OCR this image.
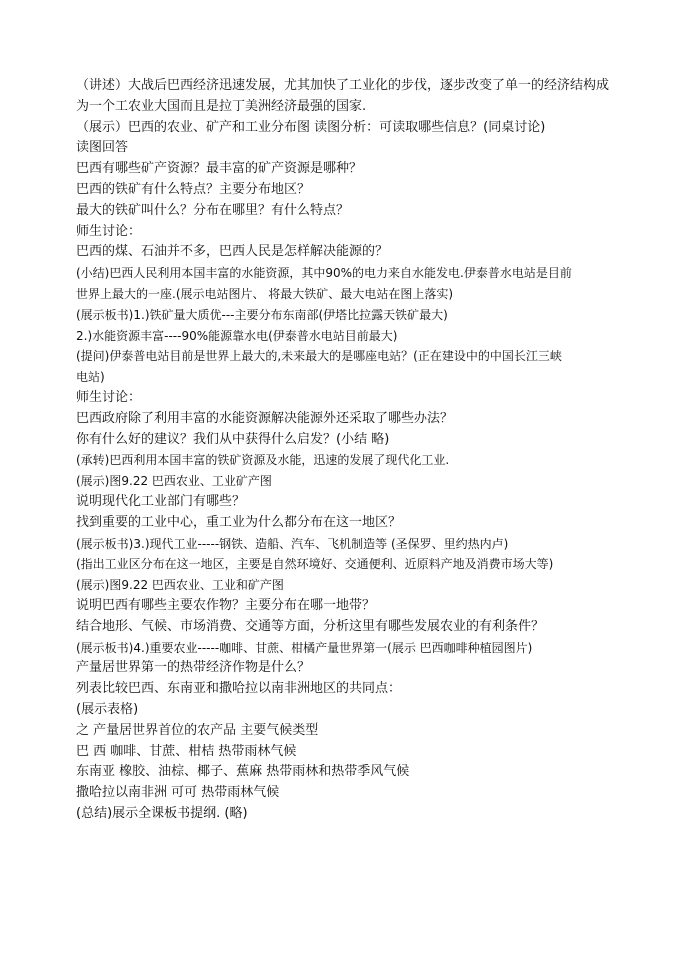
（讲述）大战后巴西经济迅速发展，尤其加快了工业化的步伐，逐步改变了单一的经济结构成
为一个工农业大国而且是拉丁美洲经济最强的国家.
（展示）巴西的农业、矿产和工业分布图 读图分析：可读取哪些信息？(同桌讨论)
读图回答
巴西有哪些矿产资源？最丰富的矿产资源是哪种？
巴西的铁矿有什么特点？主要分布地区？
最大的铁矿叫什么？分布在哪里？有什么特点？
师生讨论：
巴西的煤、石油并不多，巴西人民是怎样解决能源的？
(小结)巴西人民利用本国丰富的水能资源，其中90%的电力来自水能发电.伊泰普水电站是目前
世界上最大的一座.(展示电站图片、 将最大铁矿、最大电站在图上落实)
(展示板书)1.)铁矿量大质优---主要分布东南部(伊塔比拉露天铁矿最大)
2.)水能资源丰富----90%能源靠水电(伊泰普水电站目前最大)
(提问)伊泰普电站目前是世界上最大的,未来最大的是哪座电站？(正在建设中的中国长江三峡
电站)
师生讨论：
巴西政府除了利用丰富的水能资源解决能源外还采取了哪些办法？
你有什么好的建议？我们从中获得什么启发？(小结 略)
(承转)巴西利用本国丰富的铁矿资源及水能，迅速的发展了现代化工业.
(展示)图9.22 巴西农业、工业矿产图
说明现代化工业部门有哪些？
找到重要的工业中心，重工业为什么都分布在这一地区？
(展示板书)3.)现代工业-----钢铁、造船、汽车、飞机制造等 (圣保罗、里约热内卢)
(指出工业区分布在这一地区，主要是自然环境好、交通便利、近原料产地及消费市场大等)
(展示)图9.22 巴西农业、工业和矿产图
说明巴西有哪些主要农作物？主要分布在哪一地带？
结合地形、气候、市场消费、交通等方面，分析这里有哪些发展农业的有利条件？
(展示板书)4.)重要农业-----咖啡、甘蔗、柑橘产量世界第一(展示 巴西咖啡种植园图片)
产量居世界第一的热带经济作物是什么？
列表比较巴西、东南亚和撒哈拉以南非洲地区的共同点：
(展示表格)
之 产量居世界首位的农产品 主要气候类型
巴 西 咖啡、甘蔗、柑桔 热带雨林气候
东南亚 橡胶、油棕、椰子、蕉麻 热带雨林和热带季风气候
撒哈拉以南非洲 可可 热带雨林气候
(总结)展示全课板书提纲. (略)
